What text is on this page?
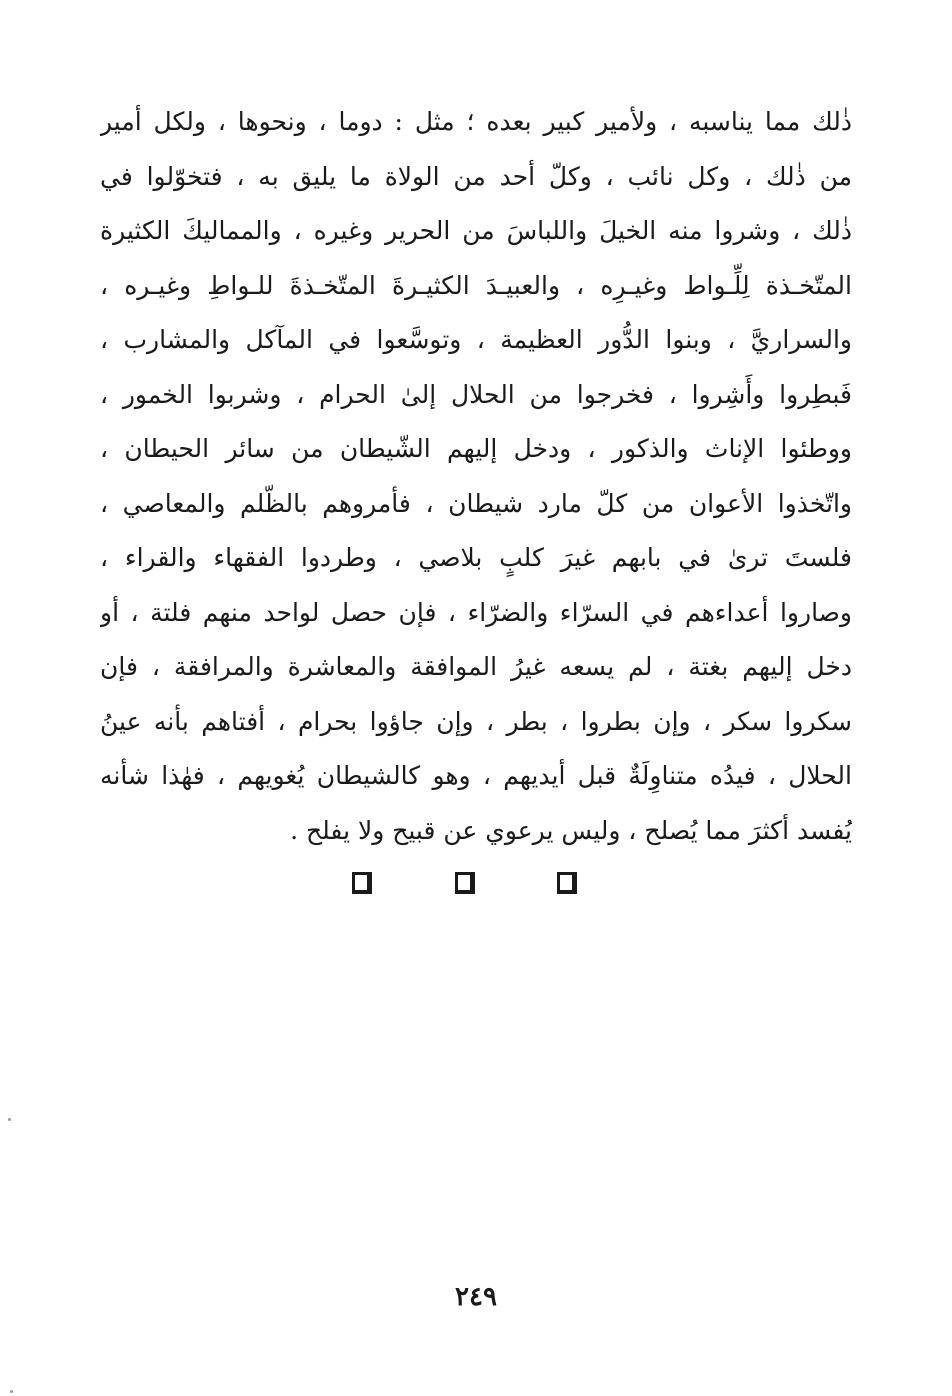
ذٰلك مما يناسبه ، ولأمير كبير بعده ؛ مثل : دوما ، ونحوها ، ولكل أمير
من ذٰلك ، وكل نائب ، وكلّ أحد من الولاة ما يليق به ، فتخوّلوا في
ذٰلك ، وشروا منه الخيلَ واللباسَ من الحرير وغيره ، والمماليكَ الكثيرة
المتّخـذة لِلِّـواط وغيـرِه ، والعبيـدَ الكثيـرةَ المتّخـذةَ للـواطِ وغيـره ،
والسراريَّ ، وبنوا الدُّور العظيمة ، وتوسَّعوا في المآكل والمشارب ،
فَبطِروا وأَشِروا ، فخرجوا من الحلال إلىٰ الحرام ، وشربوا الخمور ،
ووطئوا الإناث والذكور ، ودخل إليهم الشّيطان من سائر الحيطان ،
واتّخذوا الأعوان من كلّ مارد شيطان ، فأمروهم بالظّلم والمعاصي ،
فلستَ ترىٰ في بابهم غيرَ كلبٍ بلاصي ، وطردوا الفقهاء والقراء ،
وصاروا أعداءهم في السرّاء والضرّاء ، فإن حصل لواحد منهم فلتة ، أو
دخل إليهم بغتة ، لم يسعه غيرُ الموافقة والمعاشرة والمرافقة ، فإن
سكروا سكر ، وإن بطروا ، بطر ، وإن جاؤوا بحرام ، أفتاهم بأنه عينُ
الحلال ، فيدُه متناوِلَةٌ قبل أيديهم ، وهو كالشيطان يُغويهم ، فهٰذا شأنه
يُفسد أكثرَ مما يُصلح ، وليس يرعوي عن قبيح ولا يفلح .
٢٤٩
